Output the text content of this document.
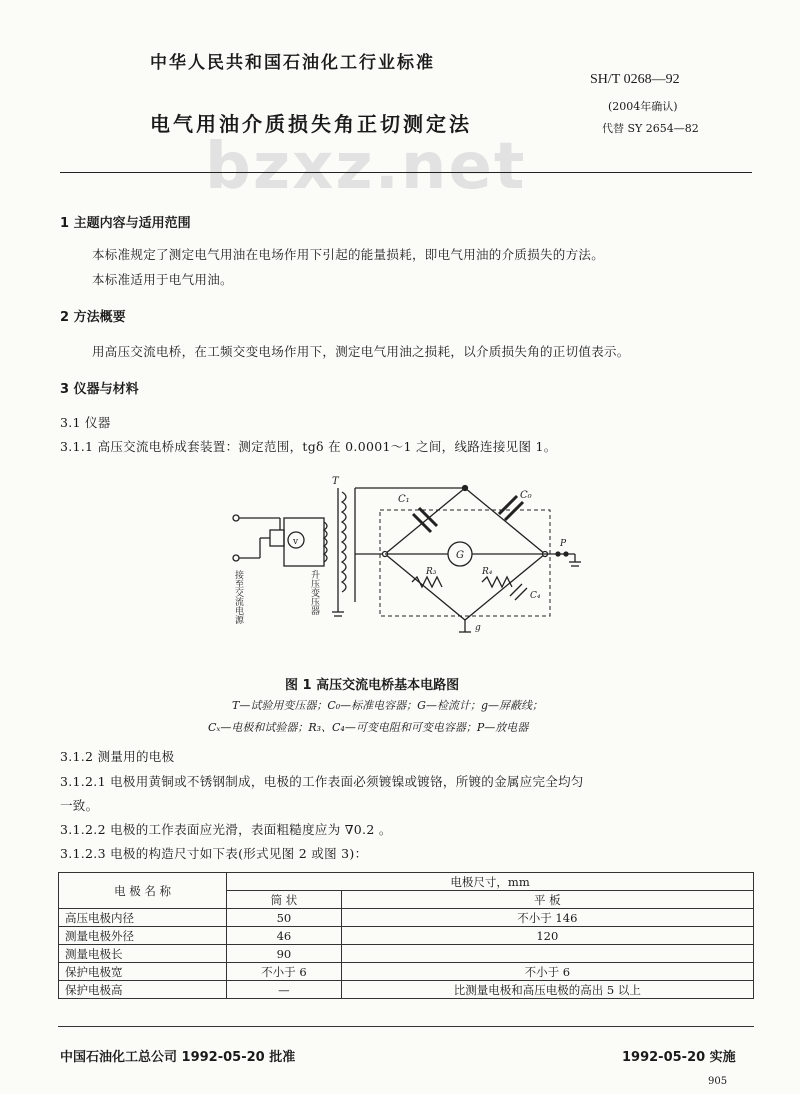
中华人民共和国石油化工行业标准
电气用油介质损失角正切测定法
SH/T 0268—92
(2004年确认)
代替 SY 2654—82
bzxz.net
1 主题内容与适用范围
本标准规定了测定电气用油在电场作用下引起的能量损耗，即电气用油的介质损失的方法。
本标准适用于电气用油。
2 方法概要
用高压交流电桥，在工频交变电场作用下，测定电气用油之损耗，以介质损失角的正切值表示。
3 仪器与材料
3.1 仪器
3.1.1 高压交流电桥成套装置：测定范围，tgδ 在 0.0001～1 之间，线路连接见图 1。
v
接至交流电源	升压变压器
T
G
C₁	C₀
g
R₃	R₄
C₄
P
图 1 高压交流电桥基本电路图
T—试验用变压器；C₀—标准电容器；G—检流计；g—屏蔽线；
Cₓ—电极和试验器；R₃、C₄—可变电阻和可变电容器；P—放电器
3.1.2 测量用的电极
3.1.2.1 电极用黄铜或不锈钢制成，电极的工作表面必须镀镍或镀铬，所镀的金属应完全均匀
一致。
3.1.2.2 电极的工作表面应光滑，表面粗糙度应为 ∇0.2 。
3.1.2.3 电极的构造尺寸如下表(形式见图 2 或图 3)：
电 极 名 称	电极尺寸，mm	
	筒 状	平 板
高压电极内径	50	不小于 146
测量电极外径	46	120
测量电极长	90	
保护电极宽	不小于 6	不小于 6
保护电极高	—	比测量电极和高压电极的高出 5 以上
中国石油化工总公司 1992-05-20 批准	1992-05-20 实施
905
